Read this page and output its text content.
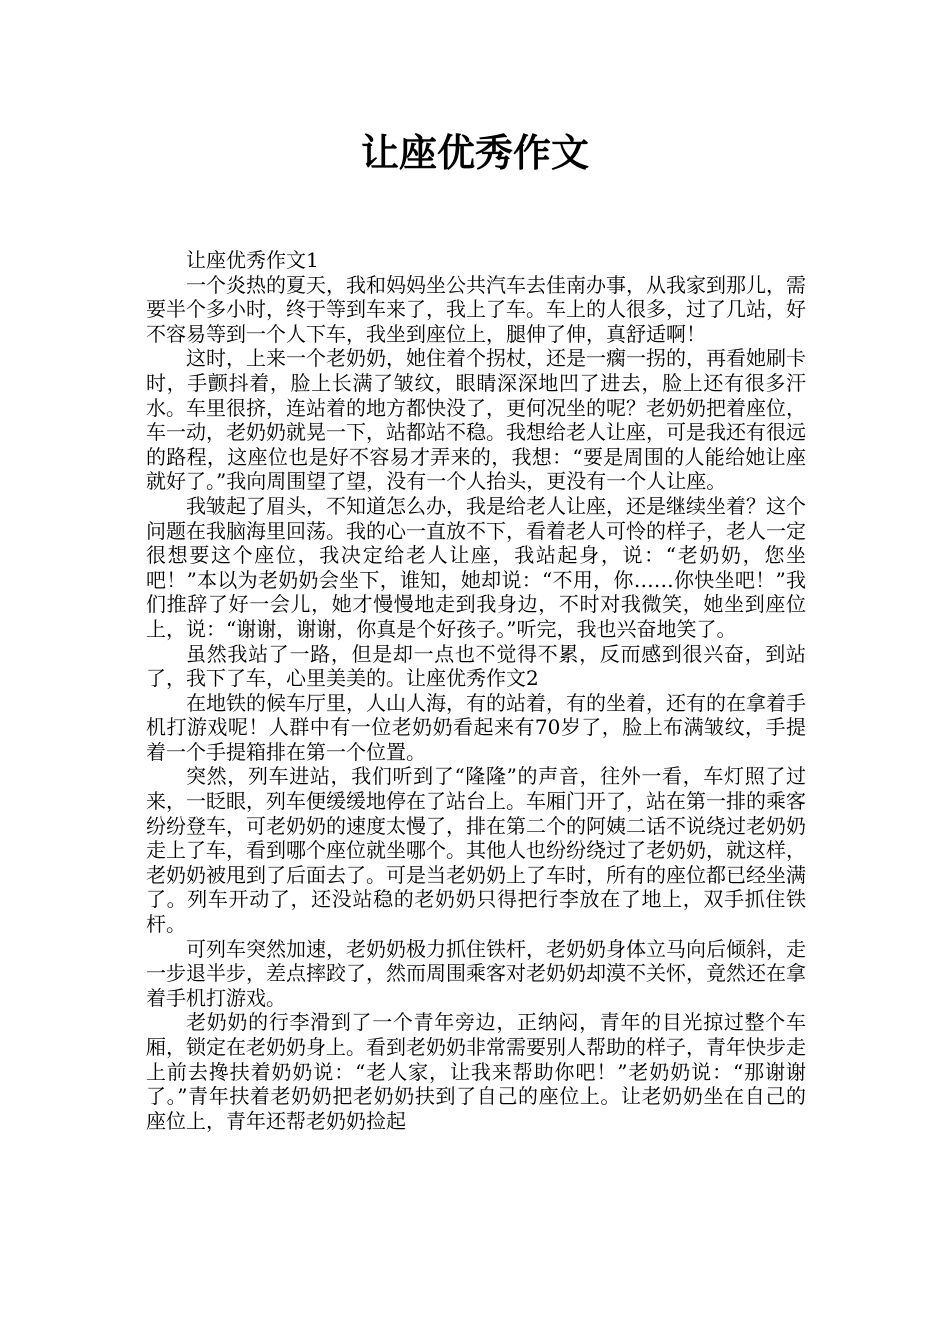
让座优秀作文

让座优秀作文1

一个炎热的夏天，我和妈妈坐公共汽车去佳南办事，从我家到那儿，需要半个多小时，终于等到车来了，我上了车。车上的人很多，过了几站，好不容易等到一个人下车，我坐到座位上，腿伸了伸，真舒适啊！

这时，上来一个老奶奶，她住着个拐杖，还是一瘸一拐的，再看她刷卡时，手颤抖着，脸上长满了皱纹，眼睛深深地凹了进去，脸上还有很多汗水。车里很挤，连站着的地方都快没了，更何况坐的呢？老奶奶把着座位，车一动，老奶奶就晃一下，站都站不稳。我想给老人让座，可是我还有很远的路程，这座位也是好不容易才弄来的，我想：“要是周围的人能给她让座就好了。”我向周围望了望，没有一个人抬头，更没有一个人让座。

我皱起了眉头，不知道怎么办，我是给老人让座，还是继续坐着？这个问题在我脑海里回荡。我的心一直放不下，看着老人可怜的样子，老人一定很想要这个座位，我决定给老人让座，我站起身，说：“老奶奶，您坐吧！”本以为老奶奶会坐下，谁知，她却说：“不用，你……你快坐吧！”我们推辞了好一会儿，她才慢慢地走到我身边，不时对我微笑，她坐到座位上，说：“谢谢，谢谢，你真是个好孩子。”听完，我也兴奋地笑了。

虽然我站了一路，但是却一点也不觉得不累，反而感到很兴奋，到站了，我下了车，心里美美的。让座优秀作文2

在地铁的候车厅里，人山人海，有的站着，有的坐着，还有的在拿着手机打游戏呢！人群中有一位老奶奶看起来有70岁了，脸上布满皱纹，手提着一个手提箱排在第一个位置。

突然，列车进站，我们听到了“隆隆”的声音，往外一看，车灯照了过来，一眨眼，列车便缓缓地停在了站台上。车厢门开了，站在第一排的乘客纷纷登车，可老奶奶的速度太慢了，排在第二个的阿姨二话不说绕过老奶奶走上了车，看到哪个座位就坐哪个。其他人也纷纷绕过了老奶奶，就这样，老奶奶被甩到了后面去了。可是当老奶奶上了车时，所有的座位都已经坐满了。列车开动了，还没站稳的老奶奶只得把行李放在了地上，双手抓住铁杆。

可列车突然加速，老奶奶极力抓住铁杆，老奶奶身体立马向后倾斜，走一步退半步，差点摔跤了，然而周围乘客对老奶奶却漠不关怀，竟然还在拿着手机打游戏。

老奶奶的行李滑到了一个青年旁边，正纳闷，青年的目光掠过整个车厢，锁定在老奶奶身上。看到老奶奶非常需要别人帮助的样子，青年快步走上前去搀扶着奶奶说：“老人家，让我来帮助你吧！”老奶奶说：“那谢谢了。”青年扶着老奶奶把老奶奶扶到了自己的座位上。让老奶奶坐在自己的座位上，青年还帮老奶奶捡起
